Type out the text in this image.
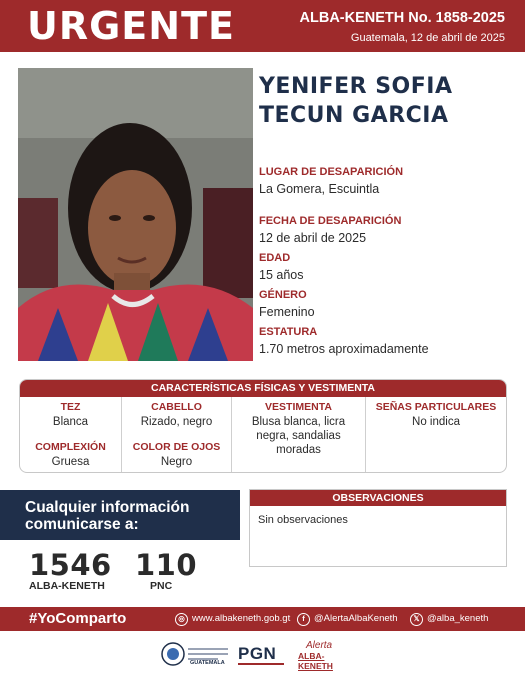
URGENTE	ALBA-KENETH No. 1858-2025
Guatemala, 12 de abril de 2025
YENIFER SOFIA
TECUN GARCIA
LUGAR DE DESAPARICIÓN
La Gomera, Escuintla
FECHA DE DESAPARICIÓN
12 de abril de 2025
EDAD
15 años
GÉNERO
Femenino
ESTATURA
1.70 metros aproximadamente
CARACTERÍSTICAS FÍSICAS Y VESTIMENTA
TEZ
Blanca
COMPLEXIÓN
Gruesa
CABELLO
Rizado, negro
COLOR DE OJOS
Negro
VESTIMENTA
Blusa blanca, licra
negra, sandalias
moradas
SEÑAS PARTICULARES
No indica
Cualquier información
comunicarse a:
1546
ALBA-KENETH
110
PNC
OBSERVACIONES
Sin observaciones
#YoComparto	◎ www.albakeneth.gob.gt	f @AlertaAlbaKeneth	𝕏 @alba_keneth
GUATEMALA PGN	Alerta
ALBA-KENETH
